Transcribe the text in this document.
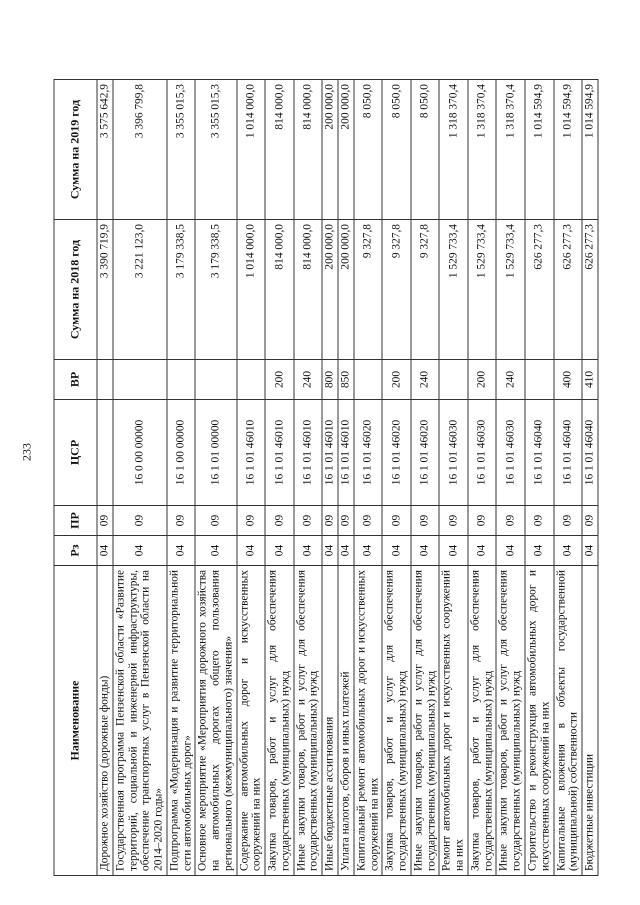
233
Наименование	Рз	ПР	ЦСР	ВР	Сумма на 2018 год	Сумма на 2019 год
Дорожное хозяйство (дорожные фонды)	04	09			3 390 719,9	3 575 642,9
Государственная программа Пензенской области «Развитие территорий, социальной и инженерной инфраструктуры, обеспечение транспортных услуг в Пензенской области на 2014–2020 годы»	04	09	16 0 00 00000		3 221 123,0	3 396 799,8
Подпрограмма «Модернизация и развитие территориальной сети автомобильных дорог»	04	09	16 1 00 00000		3 179 338,5	3 355 015,3
Основное мероприятие «Мероприятия дорожного хозяйства на автомобильных дорогах общего пользования регионального (межмуниципального) значения»	04	09	16 1 01 00000		3 179 338,5	3 355 015,3
Содержание автомобильных дорог и искусственных сооружений на них	04	09	16 1 01 46010		1 014 000,0	1 014 000,0
Закупка товаров, работ и услуг для обеспечения государственных (муниципальных) нужд	04	09	16 1 01 46010	200	814 000,0	814 000,0
Иные закупки товаров, работ и услуг для обеспечения государственных (муниципальных) нужд	04	09	16 1 01 46010	240	814 000,0	814 000,0
Иные бюджетные ассигнования	04	09	16 1 01 46010	800	200 000,0	200 000,0
Уплата налогов, сборов и иных платежей	04	09	16 1 01 46010	850	200 000,0	200 000,0
Капитальный ремонт автомобильных дорог и искусственных сооружений на них	04	09	16 1 01 46020		9 327,8	8 050,0
Закупка товаров, работ и услуг для обеспечения государственных (муниципальных) нужд	04	09	16 1 01 46020	200	9 327,8	8 050,0
Иные закупки товаров, работ и услуг для обеспечения государственных (муниципальных) нужд	04	09	16 1 01 46020	240	9 327,8	8 050,0
Ремонт автомобильных дорог и искусственных сооружений на них	04	09	16 1 01 46030		1 529 733,4	1 318 370,4
Закупка товаров, работ и услуг для обеспечения государственных (муниципальных) нужд	04	09	16 1 01 46030	200	1 529 733,4	1 318 370,4
Иные закупки товаров, работ и услуг для обеспечения государственных (муниципальных) нужд	04	09	16 1 01 46030	240	1 529 733,4	1 318 370,4
Строительство и реконструкция автомобильных дорог и искусственных сооружений на них	04	09	16 1 01 46040		626 277,3	1 014 594,9
Капитальные вложения в объекты государственной (муниципальной) собственности	04	09	16 1 01 46040	400	626 277,3	1 014 594,9
Бюджетные инвестиции	04	09	16 1 01 46040	410	626 277,3	1 014 594,9
